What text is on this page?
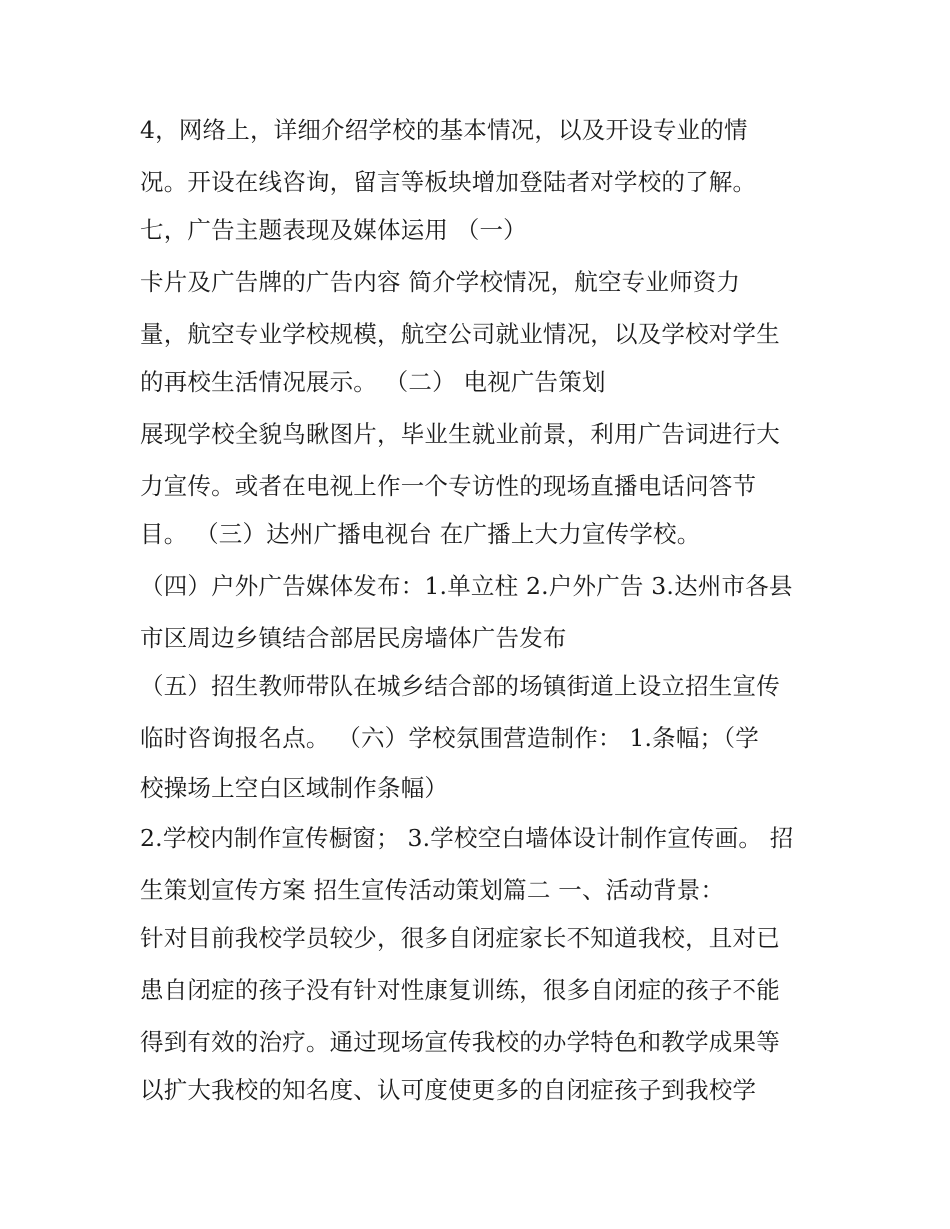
4，网络上，详细介绍学校的基本情况，以及开设专业的情
况。开设在线咨询，留言等板块增加登陆者对学校的了解。
七，广告主题表现及媒体运用 （一）
卡片及广告牌的广告内容 简介学校情况，航空专业师资力
量，航空专业学校规模，航空公司就业情况，以及学校对学生
的再校生活情况展示。 （二） 电视广告策划
展现学校全貌鸟瞅图片，毕业生就业前景，利用广告词进行大
力宣传。或者在电视上作一个专访性的现场直播电话问答节
目。 （三）达州广播电视台 在广播上大力宣传学校。
（四）户外广告媒体发布：1.单立柱 2.户外广告 3.达州市各县
市区周边乡镇结合部居民房墙体广告发布
（五）招生教师带队在城乡结合部的场镇街道上设立招生宣传
临时咨询报名点。 （六）学校氛围营造制作： 1.条幅；（学
校操场上空白区域制作条幅）
2.学校内制作宣传橱窗； 3.学校空白墙体设计制作宣传画。 招
生策划宣传方案 招生宣传活动策划篇二 一、活动背景：
针对目前我校学员较少，很多自闭症家长不知道我校，且对已
患自闭症的孩子没有针对性康复训练，很多自闭症的孩子不能
得到有效的治疗。通过现场宣传我校的办学特色和教学成果等
以扩大我校的知名度、认可度使更多的自闭症孩子到我校学
